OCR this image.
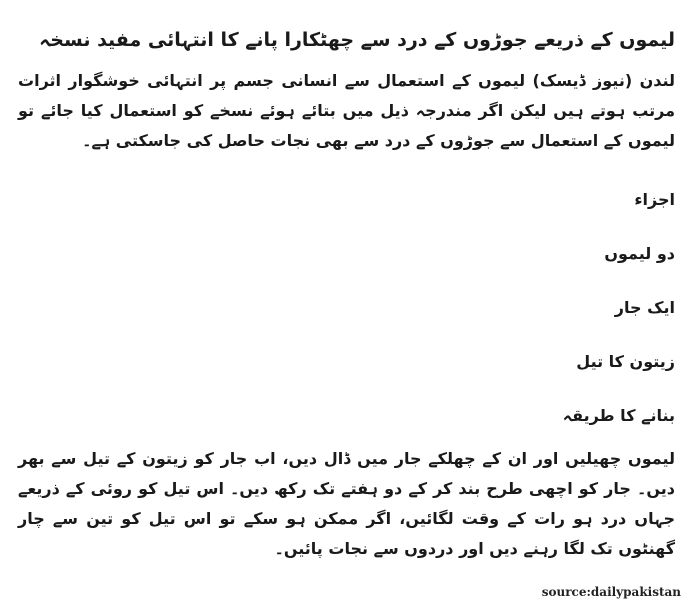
لیموں کے ذریعے جوڑوں کے درد سے چھٹکارا پانے کا انتہائی مفید نسخہ

لندن (نیوز ڈیسک) لیموں کے استعمال سے انسانی جسم پر انتہائی خوشگوار اثرات مرتب ہوتے ہیں لیکن اگر مندرجہ ذیل میں بتائے ہوئے نسخے کو استعمال کیا جائے تو لیموں کے استعمال سے جوڑوں کے درد سے بھی نجات حاصل کی جاسکتی ہے۔

اجزاء

دو لیموں

ایک جار

زیتون کا تیل

بنانے کا طریقہ

لیموں چھیلیں اور ان کے چھلکے جار میں ڈال دیں، اب جار کو زیتون کے تیل سے بھر دیں۔ جار کو اچھی طرح بند کر کے دو ہفتے تک رکھ دیں۔ اس تیل کو روئی کے ذریعے جہاں درد ہو رات کے وقت لگائیں، اگر ممکن ہو سکے تو اس تیل کو تین سے چار گھنٹوں تک لگا رہنے دیں اور دردوں سے نجات پائیں۔

source:dailypakistan
